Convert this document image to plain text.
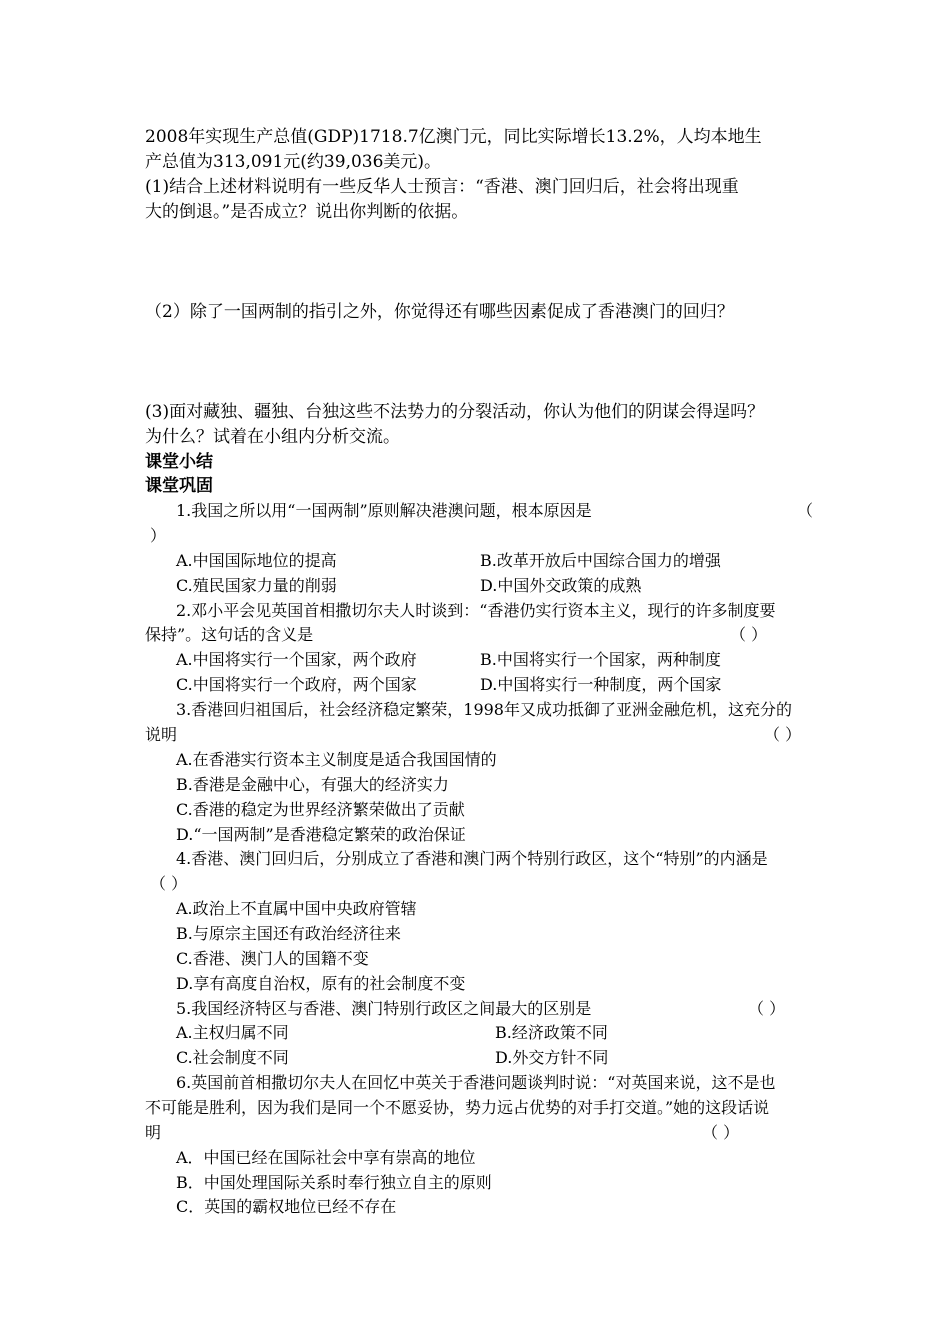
2008年实现生产总值(GDP)1718.7亿澳门元，同比实际增长13.2%，人均本地生
产总值为313,091元(约39,036美元)。
(1)结合上述材料说明有一些反华人士预言：“香港、澳门回归后，社会将出现重
大的倒退。”是否成立？说出你判断的依据。
（2）除了一国两制的指引之外，你觉得还有哪些因素促成了香港澳门的回归？
(3)面对藏独、疆独、台独这些不法势力的分裂活动，你认为他们的阴谋会得逞吗？
为什么？试着在小组内分析交流。
课堂小结
课堂巩固
1.我国之所以用“一国两制”原则解决港澳问题，根本原因是	（
）
A.中国国际地位的提高	B.改革开放后中国综合国力的增强
C.殖民国家力量的削弱	D.中国外交政策的成熟
2.邓小平会见英国首相撒切尔夫人时谈到：“香港仍实行资本主义，现行的许多制度要
保持”。这句话的含义是	（ ）
A.中国将实行一个国家，两个政府	B.中国将实行一个国家，两种制度
C.中国将实行一个政府，两个国家	D.中国将实行一种制度，两个国家
3.香港回归祖国后，社会经济稳定繁荣，1998年又成功抵御了亚洲金融危机，这充分的
说明	（ ）
A.在香港实行资本主义制度是适合我国国情的
B.香港是金融中心，有强大的经济实力
C.香港的稳定为世界经济繁荣做出了贡献
D.“一国两制”是香港稳定繁荣的政治保证
4.香港、澳门回归后，分别成立了香港和澳门两个特别行政区，这个“特别”的内涵是
（ ）
A.政治上不直属中国中央政府管辖
B.与原宗主国还有政治经济往来
C.香港、澳门人的国籍不变
D.享有高度自治权，原有的社会制度不变
5.我国经济特区与香港、澳门特别行政区之间最大的区别是	（ ）
A.主权归属不同	B.经济政策不同
C.社会制度不同	D.外交方针不同
6.英国前首相撒切尔夫人在回忆中英关于香港问题谈判时说：“对英国来说，这不是也
不可能是胜利，因为我们是同一个不愿妥协，势力远占优势的对手打交道。”她的这段话说
明	（ ）
A．中国已经在国际社会中享有崇高的地位
B．中国处理国际关系时奉行独立自主的原则
C．英国的霸权地位已经不存在
